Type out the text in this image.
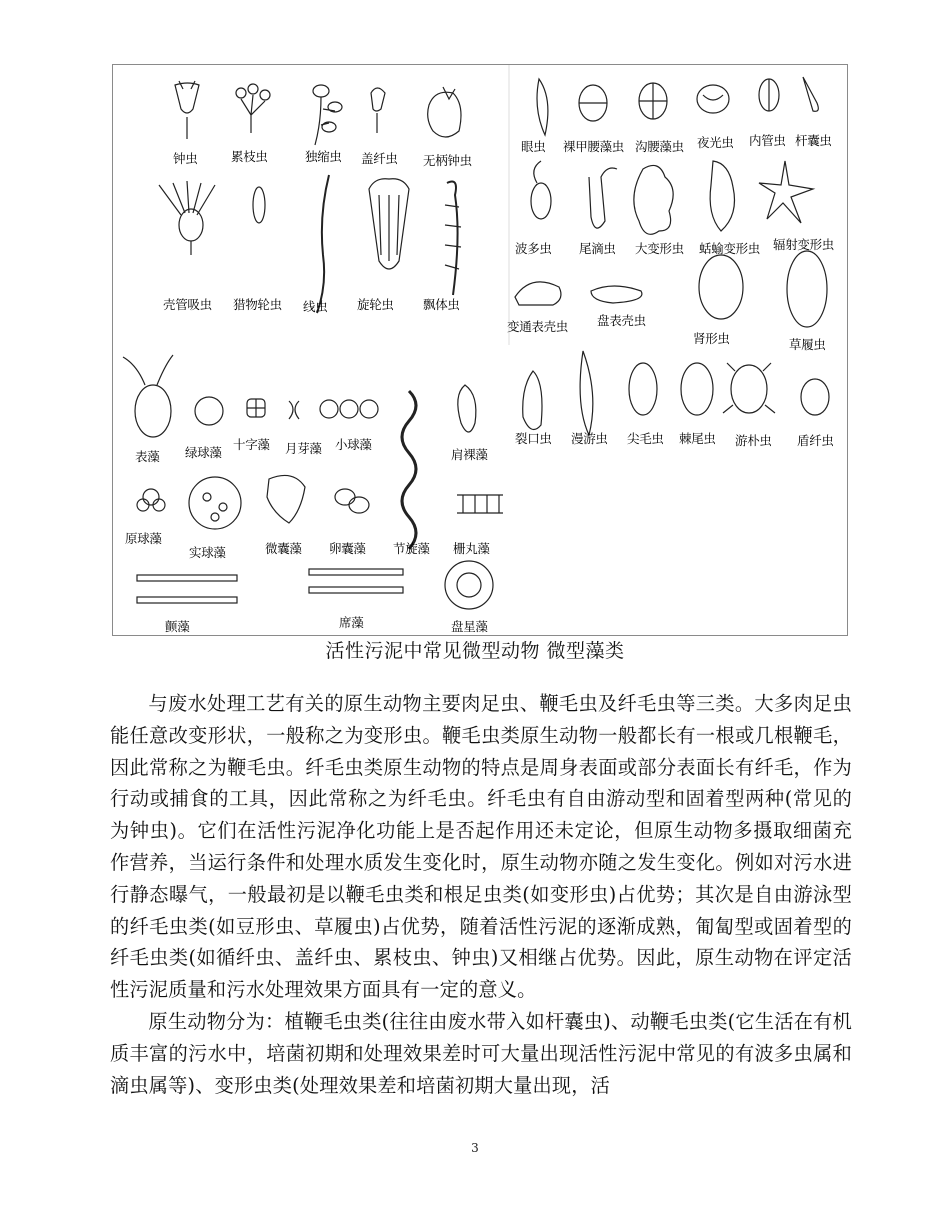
钟虫	累枝虫	独缩虫 盖纤虫 无柄钟虫
壳管吸虫 猎物轮虫 线虫 旋轮虫 飘体虫
眼虫 裸甲腰藻虫 沟腰藻虫 夜光虫 内管虫 杆囊虫
波多虫 尾滴虫 大变形虫 蛞蝓变形虫 辐射变形虫
变通表壳虫 盘表壳虫
肾形虫	草履虫
表藻 绿球藻
十字藻 月芽藻 小球藻
肩裸藻
裂口虫 漫游虫 尖毛虫 棘尾虫 游朴虫 盾纤虫
原球藻
实球藻	微囊藻 卵囊藻 节旋藻 栅丸藻
颤藻	席藻	盘星藻
活性污泥中常见微型动物 微型藻类

与废水处理工艺有关的原生动物主要肉足虫、鞭毛虫及纤毛虫等三类。大多肉足虫能任意改变形状，一般称之为变形虫。鞭毛虫类原生动物一般都长有一根或几根鞭毛，因此常称之为鞭毛虫。纤毛虫类原生动物的特点是周身表面或部分表面长有纤毛，作为行动或捕食的工具，因此常称之为纤毛虫。纤毛虫有自由游动型和固着型两种(常见的为钟虫)。它们在活性污泥净化功能上是否起作用还未定论，但原生动物多摄取细菌充作营养，当运行条件和处理水质发生变化时，原生动物亦随之发生变化。例如对污水进行静态曝气，一般最初是以鞭毛虫类和根足虫类(如变形虫)占优势；其次是自由游泳型的纤毛虫类(如豆形虫、草履虫)占优势，随着活性污泥的逐渐成熟，匍匐型或固着型的纤毛虫类(如循纤虫、盖纤虫、累枝虫、钟虫)又相继占优势。因此，原生动物在评定活性污泥质量和污水处理效果方面具有一定的意义。

原生动物分为：植鞭毛虫类(往往由废水带入如杆囊虫)、动鞭毛虫类(它生活在有机质丰富的污水中，培菌初期和处理效果差时可大量出现活性污泥中常见的有波多虫属和滴虫属等)、变形虫类(处理效果差和培菌初期大量出现，活

3
